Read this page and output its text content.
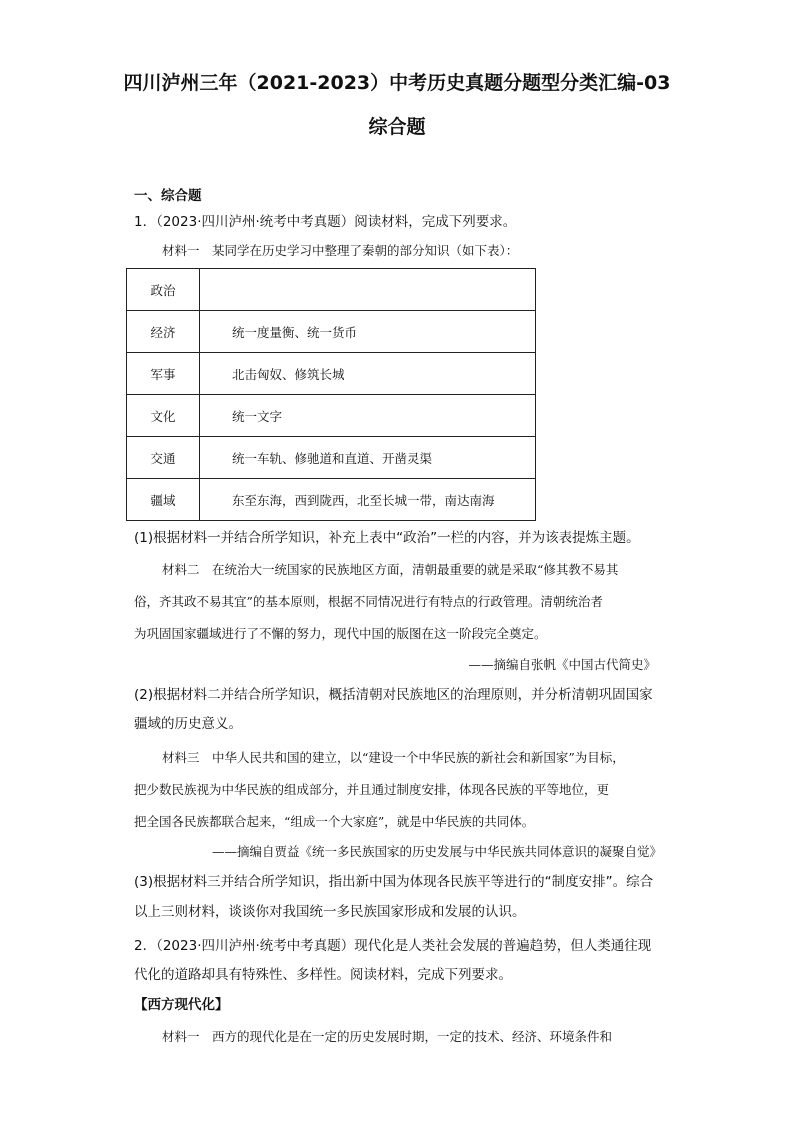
四川泸州三年（2021-2023）中考历史真题分题型分类汇编-03
综合题
一、综合题
1．（2023·四川泸州·统考中考真题）阅读材料，完成下列要求。
材料一　某同学在历史学习中整理了秦朝的部分知识（如下表）：
政治	
经济	统一度量衡、统一货币
军事	北击匈奴、修筑长城
文化	统一文字
交通	统一车轨、修驰道和直道、开凿灵渠
疆域	东至东海，西到陇西，北至长城一带，南达南海
(1)根据材料一并结合所学知识，补充上表中“政治”一栏的内容，并为该表提炼主题。
材料二　在统治大一统国家的民族地区方面，清朝最重要的就是采取“修其教不易其
俗，齐其政不易其宜”的基本原则，根据不同情况进行有特点的行政管理。清朝统治者
为巩固国家疆域进行了不懈的努力，现代中国的版图在这一阶段完全奠定。
——摘编自张帆《中国古代简史》
(2)根据材料二并结合所学知识，概括清朝对民族地区的治理原则，并分析清朝巩固国家
疆域的历史意义。
材料三　中华人民共和国的建立，以“建设一个中华民族的新社会和新国家”为目标，
把少数民族视为中华民族的组成部分，并且通过制度安排，体现各民族的平等地位，更
把全国各民族都联合起来，“组成一个大家庭”，就是中华民族的共同体。
——摘编自贾益《统一多民族国家的历史发展与中华民族共同体意识的凝聚自觉》
(3)根据材料三并结合所学知识，指出新中国为体现各民族平等进行的“制度安排”。综合
以上三则材料，谈谈你对我国统一多民族国家形成和发展的认识。
2．（2023·四川泸州·统考中考真题）现代化是人类社会发展的普遍趋势，但人类通往现
代化的道路却具有特殊性、多样性。阅读材料，完成下列要求。
【西方现代化】
材料一　西方的现代化是在一定的历史发展时期，一定的技术、经济、环境条件和
